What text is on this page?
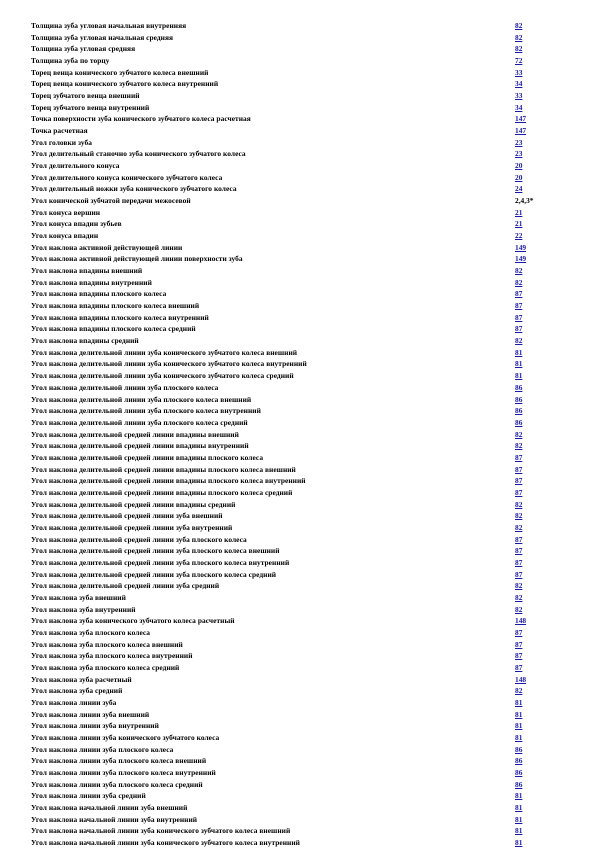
Толщина зуба угловая начальная внутренняя	82
Толщина зуба угловая начальная средняя	82
Толщина зуба угловая средняя	82
Толщина зуба по торцу	72
Торец венца конического зубчатого колеса внешний	33
Торец венца конического зубчатого колеса внутренний	34
Торец зубчатого венца внешний	33
Торец зубчатого венца внутренний	34
Точка поверхности зуба конического зубчатого колеса расчетная	147
Точка расчетная	147
Угол головки зуба	23
Угол делительный станочно зуба конического зубчатого колеса	23
Угол делительного конуса	20
Угол делительного конуса конического зубчатого колеса	20
Угол делительный ножки зуба конического зубчатого колеса	24
Угол конической зубчатой передачи межосевой	2,4,3*
Угол конуса вершин	21
Угол конуса впадин зубьев	21
Угол конуса впадин	22
Угол наклона активной действующей линии	149
Угол наклона активной действующей линии поверхности зуба	149
Угол наклона впадины внешний	82
Угол наклона впадины внутренний	82
Угол наклона впадины плоского колеса	87
Угол наклона впадины плоского колеса внешний	87
Угол наклона впадины плоского колеса внутренний	87
Угол наклона впадины плоского колеса средний	87
Угол наклона впадины средний	82
Угол наклона делительной линии зуба конического зубчатого колеса внешний	81
Угол наклона делительной линии зуба конического зубчатого колеса внутренний	81
Угол наклона делительной линии зуба конического зубчатого колеса средний	81
Угол наклона делительной линии зуба плоского колеса	86
Угол наклона делительной линии зуба плоского колеса внешний	86
Угол наклона делительной линии зуба плоского колеса внутренний	86
Угол наклона делительной линии зуба плоского колеса средний	86
Угол наклона делительной средней линии впадины внешний	82
Угол наклона делительной средней линии впадины внутренний	82
Угол наклона делительной средней линии впадины плоского колеса	87
Угол наклона делительной средней линии впадины плоского колеса внешний	87
Угол наклона делительной средней линии впадины плоского колеса внутренний	87
Угол наклона делительной средней линии впадины плоского колеса средний	87
Угол наклона делительной средней линии впадины средний	82
Угол наклона делительной средней линии зуба внешний	82
Угол наклона делительной средней линии зуба внутренний	82
Угол наклона делительной средней линии зуба плоского колеса	87
Угол наклона делительной средней линии зуба плоского колеса внешний	87
Угол наклона делительной средней линии зуба плоского колеса внутренний	87
Угол наклона делительной средней линии зуба плоского колеса средний	87
Угол наклона делительной средней линии зуба средний	82
Угол наклона зуба внешний	82
Угол наклона зуба внутренний	82
Угол наклона зуба конического зубчатого колеса расчетный	148
Угол наклона зуба плоского колеса	87
Угол наклона зуба плоского колеса внешний	87
Угол наклона зуба плоского колеса внутренний	87
Угол наклона зуба плоского колеса средний	87
Угол наклона зуба расчетный	148
Угол наклона зуба средний	82
Угол наклона линии зуба	81
Угол наклона линии зуба внешний	81
Угол наклона линии зуба внутренний	81
Угол наклона линии зуба конического зубчатого колеса	81
Угол наклона линии зуба плоского колеса	86
Угол наклона линии зуба плоского колеса внешний	86
Угол наклона линии зуба плоского колеса внутренний	86
Угол наклона линии зуба плоского колеса средний	86
Угол наклона линии зуба средний	81
Угол наклона начальной линии зуба внешний	81
Угол наклона начальной линии зуба внутренний	81
Угол наклона начальной линии зуба конического зубчатого колеса внешний	81
Угол наклона начальной линии зуба конического зубчатого колеса внутренний	81
